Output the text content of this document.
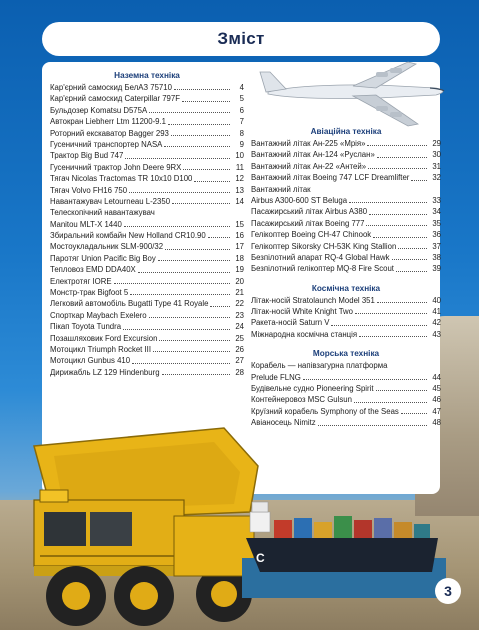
Зміст
Наземна техніка
Кар'єрний самоскид БелАЗ 75710	4
Кар'єрний самоскид Caterpillar 797F	5
Бульдозер Komatsu D575A	6
Автокран Liebherr Ltm 11200-9.1	7
Роторний екскаватор Bagger 293	8
Гусеничний транспортер NASA	9
Трактор Big Bud 747	10
Гусеничний трактор John Deere 9RX	11
Тягач Nicolas Tractomas TR 10x10 D100	12
Тягач Volvo FH16 750	13
Навантажувач Letourneau L-2350	14
Телескопічний навантажувач
Manitou MLT-X 1440	15
Збиральний комбайн New Holland CR10.90	16
Мостоукладальник SLM-900/32	17
Паротяг Union Pacific Big Boy	18
Тепловоз EMD DDA40X	19
Електротяг IORE	20
Монстр-трак Bigfoot 5	21
Легковий автомобіль Bugatti Type 41 Royale	22
Спорткар Maybach Exelero	23
Пікап Toyota Tundra	24
Позашляховик Ford Excursion	25
Мотоцикл Triumph Rocket III	26
Мотоцикл Gunbus 410	27
Дирижабль LZ 129 Hindenburg	28
Авіаційна техніка
Вантажний літак Ан-225 «Мрія»	29
Вантажний літак Ан-124 «Руслан»	30
Вантажний літак Ан-22 «Антей»	31
Вантажний літак Boeing 747 LCF Dreamlifter	32
Вантажний літак
Airbus A300-600 ST Beluga	33
Пасажирський літак Airbus A380	34
Пасажирський літак Boeing 777	35
Гелікоптер Boeing CH-47 Chinook	36
Гелікоптер Sikorsky CH-53K King Stallion	37
Безпілотний апарат RQ-4 Global Hawk	38
Безпілотний гелікоптер MQ-8 Fire Scout	39
Космічна техніка
Літак-носій Stratolaunch Model 351	40
Літак-носій White Knight Two	41
Ракета-носій Saturn V	42
Міжнародна космічна станція	43
Морська техніка
Корабель — напівзагурна платформа
Prelude FLNG	44
Будівельне судно Pioneering Spirit	45
Контейнеровоз MSC Gulsun	46
Круїзний корабель Symphony of the Seas	47
Авіаносець Nimitz	48
C
3
